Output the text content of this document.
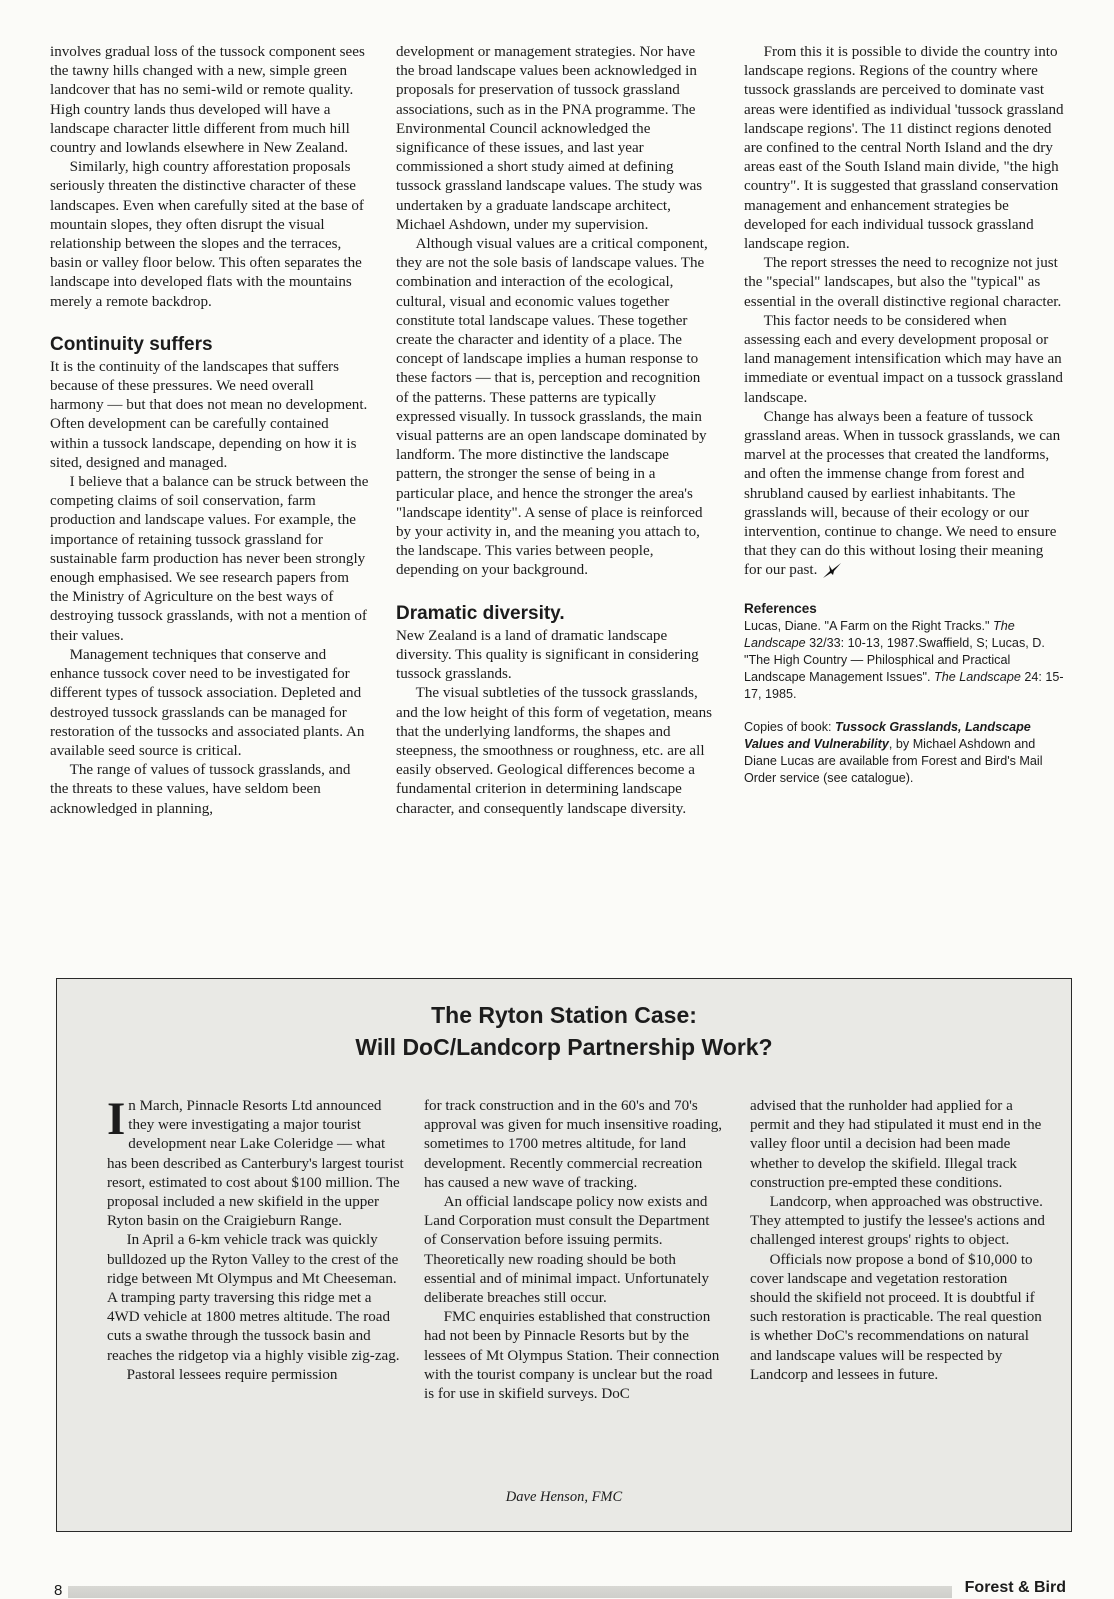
involves gradual loss of the tussock component sees the tawny hills changed with a new, simple green landcover that has no semi-wild or remote quality. High country lands thus developed will have a landscape character little different from much hill country and lowlands elsewhere in New Zealand.

Similarly, high country afforestation proposals seriously threaten the distinctive character of these landscapes. Even when carefully sited at the base of mountain slopes, they often disrupt the visual relationship between the slopes and the terraces, basin or valley floor below. This often separates the landscape into developed flats with the mountains merely a remote backdrop.

Continuity suffers

It is the continuity of the landscapes that suffers because of these pressures. We need overall harmony — but that does not mean no development. Often development can be carefully contained within a tussock landscape, depending on how it is sited, designed and managed.

I believe that a balance can be struck between the competing claims of soil conservation, farm production and landscape values. For example, the importance of retaining tussock grassland for sustainable farm production has never been strongly enough emphasised. We see research papers from the Ministry of Agriculture on the best ways of destroying tussock grasslands, with not a mention of their values.

Management techniques that conserve and enhance tussock cover need to be investigated for different types of tussock association. Depleted and destroyed tussock grasslands can be managed for restoration of the tussocks and associated plants. An available seed source is critical.

The range of values of tussock grasslands, and the threats to these values, have seldom been acknowledged in planning,

development or management strategies. Nor have the broad landscape values been acknowledged in proposals for preservation of tussock grassland associations, such as in the PNA programme. The Environmental Council acknowledged the significance of these issues, and last year commissioned a short study aimed at defining tussock grassland landscape values. The study was undertaken by a graduate landscape architect, Michael Ashdown, under my supervision.

Although visual values are a critical component, they are not the sole basis of landscape values. The combination and interaction of the ecological, cultural, visual and economic values together constitute total landscape values. These together create the character and identity of a place. The concept of landscape implies a human response to these factors — that is, perception and recognition of the patterns. These patterns are typically expressed visually. In tussock grasslands, the main visual patterns are an open landscape dominated by landform. The more distinctive the landscape pattern, the stronger the sense of being in a particular place, and hence the stronger the area's "landscape identity". A sense of place is reinforced by your activity in, and the meaning you attach to, the landscape. This varies between people, depending on your background.

Dramatic diversity.

New Zealand is a land of dramatic landscape diversity. This quality is significant in considering tussock grasslands.

The visual subtleties of the tussock grasslands, and the low height of this form of vegetation, means that the underlying landforms, the shapes and steepness, the smoothness or roughness, etc. are all easily observed. Geological differences become a fundamental criterion in determining landscape character, and consequently landscape diversity.

From this it is possible to divide the country into landscape regions. Regions of the country where tussock grasslands are perceived to dominate vast areas were identified as individual 'tussock grassland landscape regions'. The 11 distinct regions denoted are confined to the central North Island and the dry areas east of the South Island main divide, "the high country". It is suggested that grassland conservation management and enhancement strategies be developed for each individual tussock grassland landscape region.

The report stresses the need to recognize not just the "special" landscapes, but also the "typical" as essential in the overall distinctive regional character.

This factor needs to be considered when assessing each and every development proposal or land management intensification which may have an immediate or eventual impact on a tussock grassland landscape.

Change has always been a feature of tussock grassland areas. When in tussock grasslands, we can marvel at the processes that created the landforms, and often the immense change from forest and shrubland caused by earliest inhabitants. The grasslands will, because of their ecology or our intervention, continue to change. We need to ensure that they can do this without losing their meaning for our past.

References
Lucas, Diane. "A Farm on the Right Tracks." The Landscape 32/33: 10-13, 1987.Swaffield, S; Lucas, D. "The High Country — Philosphical and Practical Landscape Management Issues". The Landscape 24: 15-17, 1985.
Copies of book: Tussock Grasslands, Landscape Values and Vulnerability, by Michael Ashdown and Diane Lucas are available from Forest and Bird's Mail Order service (see catalogue).
The Ryton Station Case:
Will DoC/Landcorp Partnership Work?

In March, Pinnacle Resorts Ltd announced they were investigating a major tourist development near Lake Coleridge — what has been described as Canterbury's largest tourist resort, estimated to cost about $100 million. The proposal included a new skifield in the upper Ryton basin on the Craigieburn Range.

In April a 6-km vehicle track was quickly bulldozed up the Ryton Valley to the crest of the ridge between Mt Olympus and Mt Cheeseman. A tramping party traversing this ridge met a 4WD vehicle at 1800 metres altitude. The road cuts a swathe through the tussock basin and reaches the ridgetop via a highly visible zig-zag.

Pastoral lessees require permission

for track construction and in the 60's and 70's approval was given for much insensitive roading, sometimes to 1700 metres altitude, for land development. Recently commercial recreation has caused a new wave of tracking.

An official landscape policy now exists and Land Corporation must consult the Department of Conservation before issuing permits. Theoretically new roading should be both essential and of minimal impact. Unfortunately deliberate breaches still occur.

FMC enquiries established that construction had not been by Pinnacle Resorts but by the lessees of Mt Olympus Station. Their connection with the tourist company is unclear but the road is for use in skifield surveys. DoC

advised that the runholder had applied for a permit and they had stipulated it must end in the valley floor until a decision had been made whether to develop the skifield. Illegal track construction pre-empted these conditions.

Landcorp, when approached was obstructive. They attempted to justify the lessee's actions and challenged interest groups' rights to object.

Officials now propose a bond of $10,000 to cover landscape and vegetation restoration should the skifield not proceed. It is doubtful if such restoration is practicable. The real question is whether DoC's recommendations on natural and landscape values will be respected by Landcorp and lessees in future.

Dave Henson, FMC
8	Forest & Bird
